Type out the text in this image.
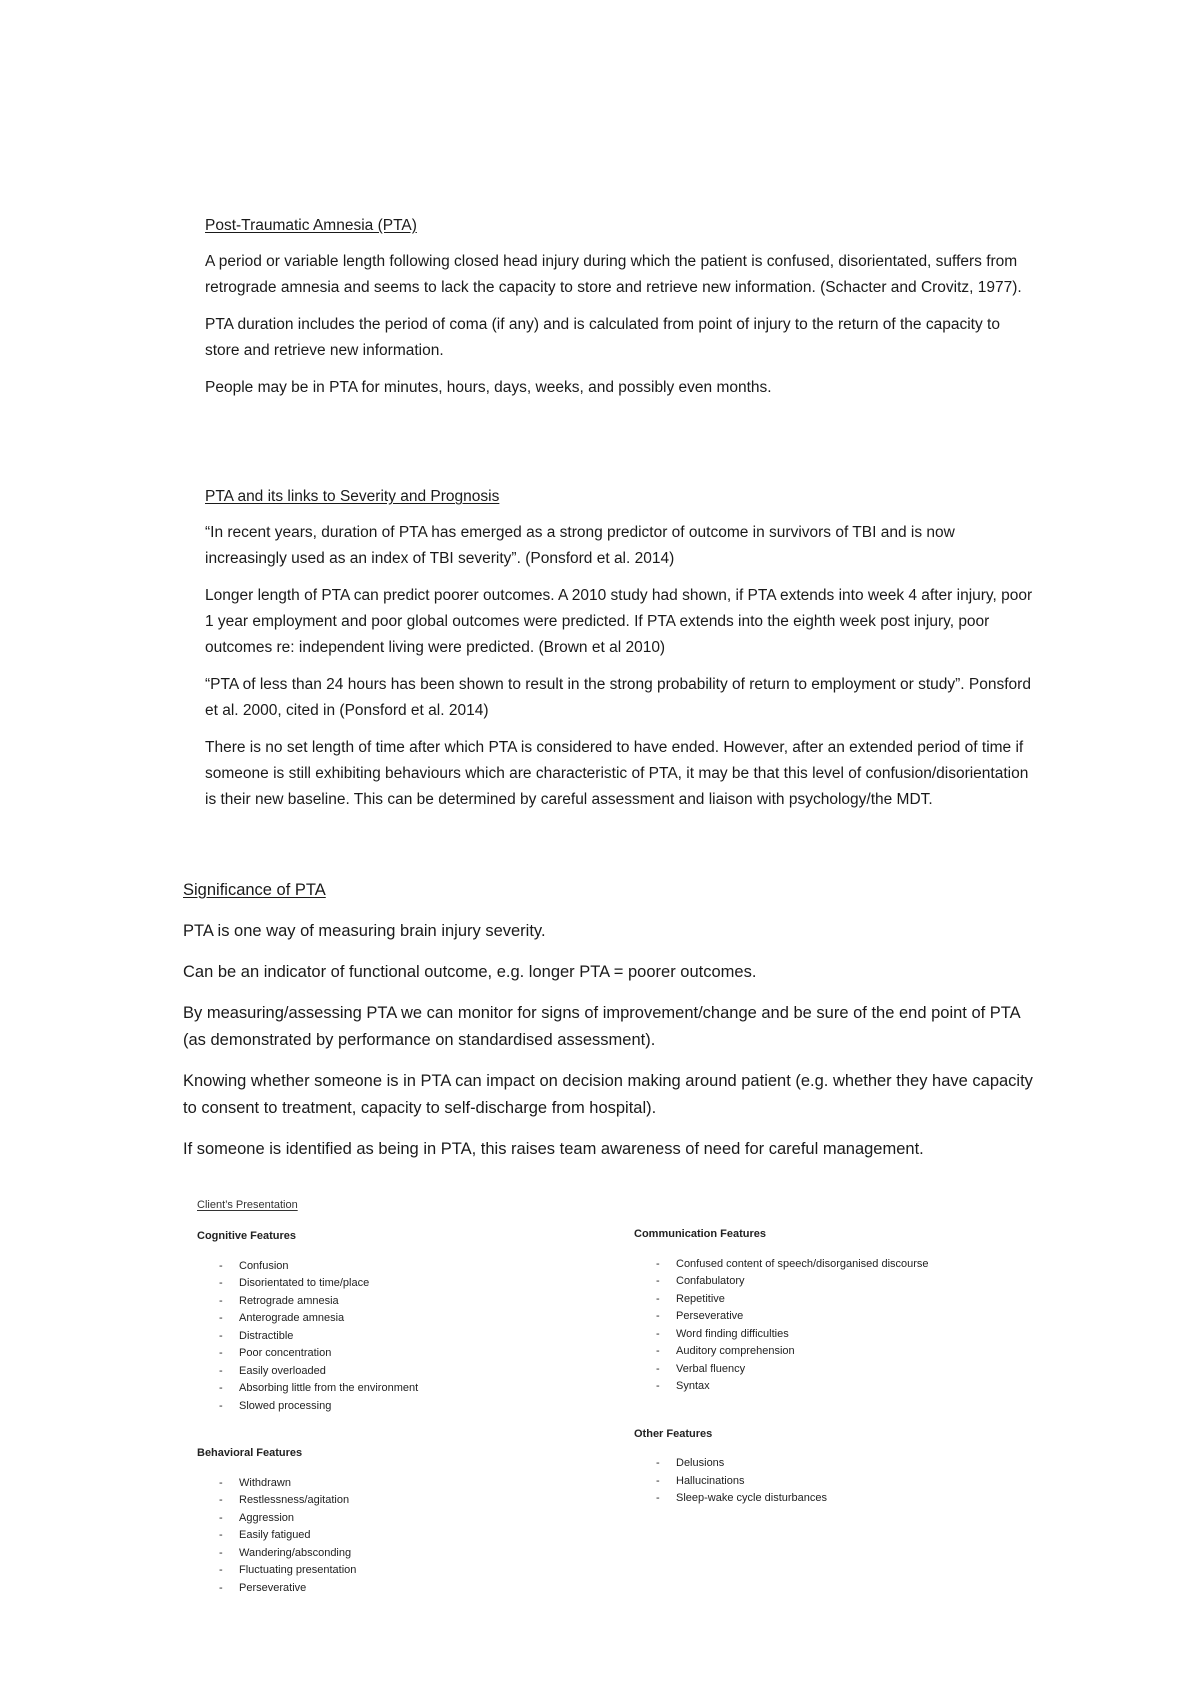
Post-Traumatic Amnesia (PTA)

A period or variable length following closed head injury during which the patient is confused, disorientated, suffers from retrograde amnesia and seems to lack the capacity to store and retrieve new information. (Schacter and Crovitz, 1977).

PTA duration includes the period of coma (if any) and is calculated from point of injury to the return of the capacity to store and retrieve new information.

People may be in PTA for minutes, hours, days, weeks, and possibly even months.

PTA and its links to Severity and Prognosis

“In recent years, duration of PTA has emerged as a strong predictor of outcome in survivors of TBI and is now increasingly used as an index of TBI severity”. (Ponsford et al. 2014)

Longer length of PTA can predict poorer outcomes. A 2010 study had shown, if PTA extends into week 4 after injury, poor 1 year employment and poor global outcomes were predicted. If PTA extends into the eighth week post injury, poor outcomes re: independent living were predicted. (Brown et al 2010)

“PTA of less than 24 hours has been shown to result in the strong probability of return to employment or study”. Ponsford et al. 2000, cited in (Ponsford et al. 2014)

There is no set length of time after which PTA is considered to have ended. However, after an extended period of time if someone is still exhibiting behaviours which are characteristic of PTA, it may be that this level of confusion/disorientation is their new baseline. This can be determined by careful assessment and liaison with psychology/the MDT.

Significance of PTA

PTA is one way of measuring brain injury severity.

Can be an indicator of functional outcome, e.g. longer PTA = poorer outcomes.

By measuring/assessing PTA we can monitor for signs of improvement/change and be sure of the end point of PTA (as demonstrated by performance on standardised assessment).

Knowing whether someone is in PTA can impact on decision making around patient (e.g. whether they have capacity to consent to treatment, capacity to self-discharge from hospital).

If someone is identified as being in PTA, this raises team awareness of need for careful management.

Client’s Presentation
Cognitive Features
- Confusion
- Disorientated to time/place
- Retrograde amnesia
- Anterograde amnesia
- Distractible
- Poor concentration
- Easily overloaded
- Absorbing little from the environment
- Slowed processing
Behavioral Features
- Withdrawn
- Restlessness/agitation
- Aggression
- Easily fatigued
- Wandering/absconding
- Fluctuating presentation
- Perseverative
Communication Features
- Confused content of speech/disorganised discourse
- Confabulatory
- Repetitive
- Perseverative
- Word finding difficulties
- Auditory comprehension
- Verbal fluency
- Syntax
Other Features
- Delusions
- Hallucinations
- Sleep-wake cycle disturbances
